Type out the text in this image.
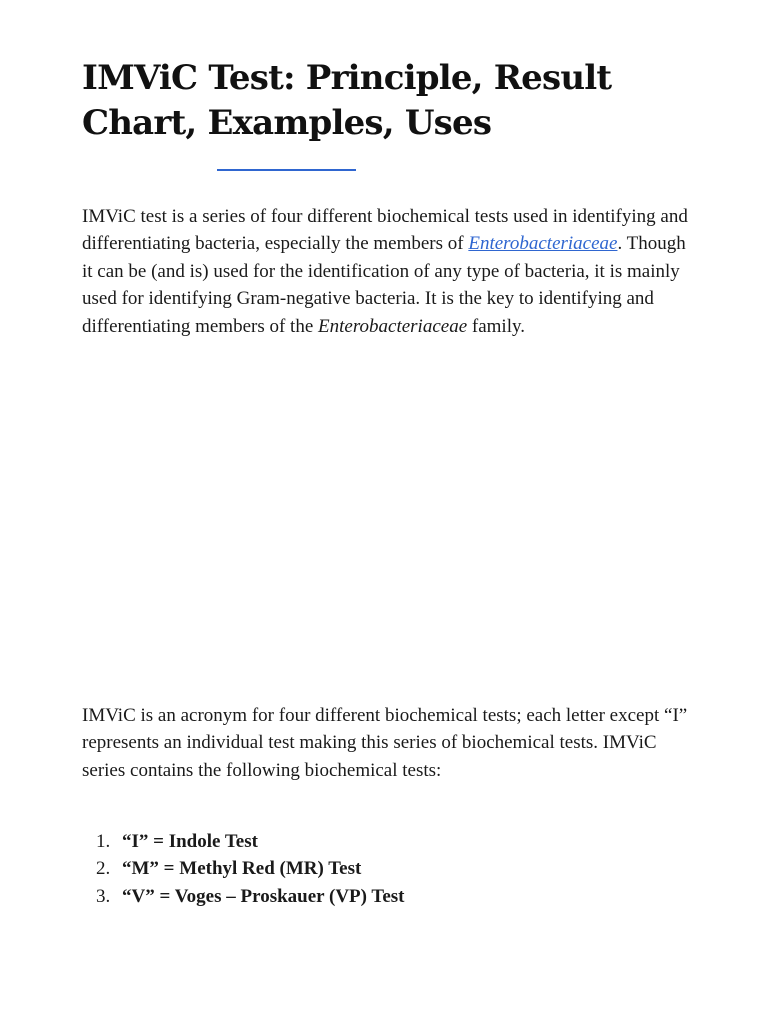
IMViC Test: Principle, Result Chart, Examples, Uses

IMViC test is a series of four different biochemical tests used in identifying and differentiating bacteria, especially the members of Enterobacteriaceae. Though it can be (and is) used for the identification of any type of bacteria, it is mainly used for identifying Gram-negative bacteria. It is the key to identifying and differentiating members of the Enterobacteriaceae family.

IMViC is an acronym for four different biochemical tests; each letter except “I” represents an individual test making this series of biochemical tests. IMViC series contains the following biochemical tests:

1. “I” = Indole Test
2. “M” = Methyl Red (MR) Test
3. “V” = Voges – Proskauer (VP) Test
